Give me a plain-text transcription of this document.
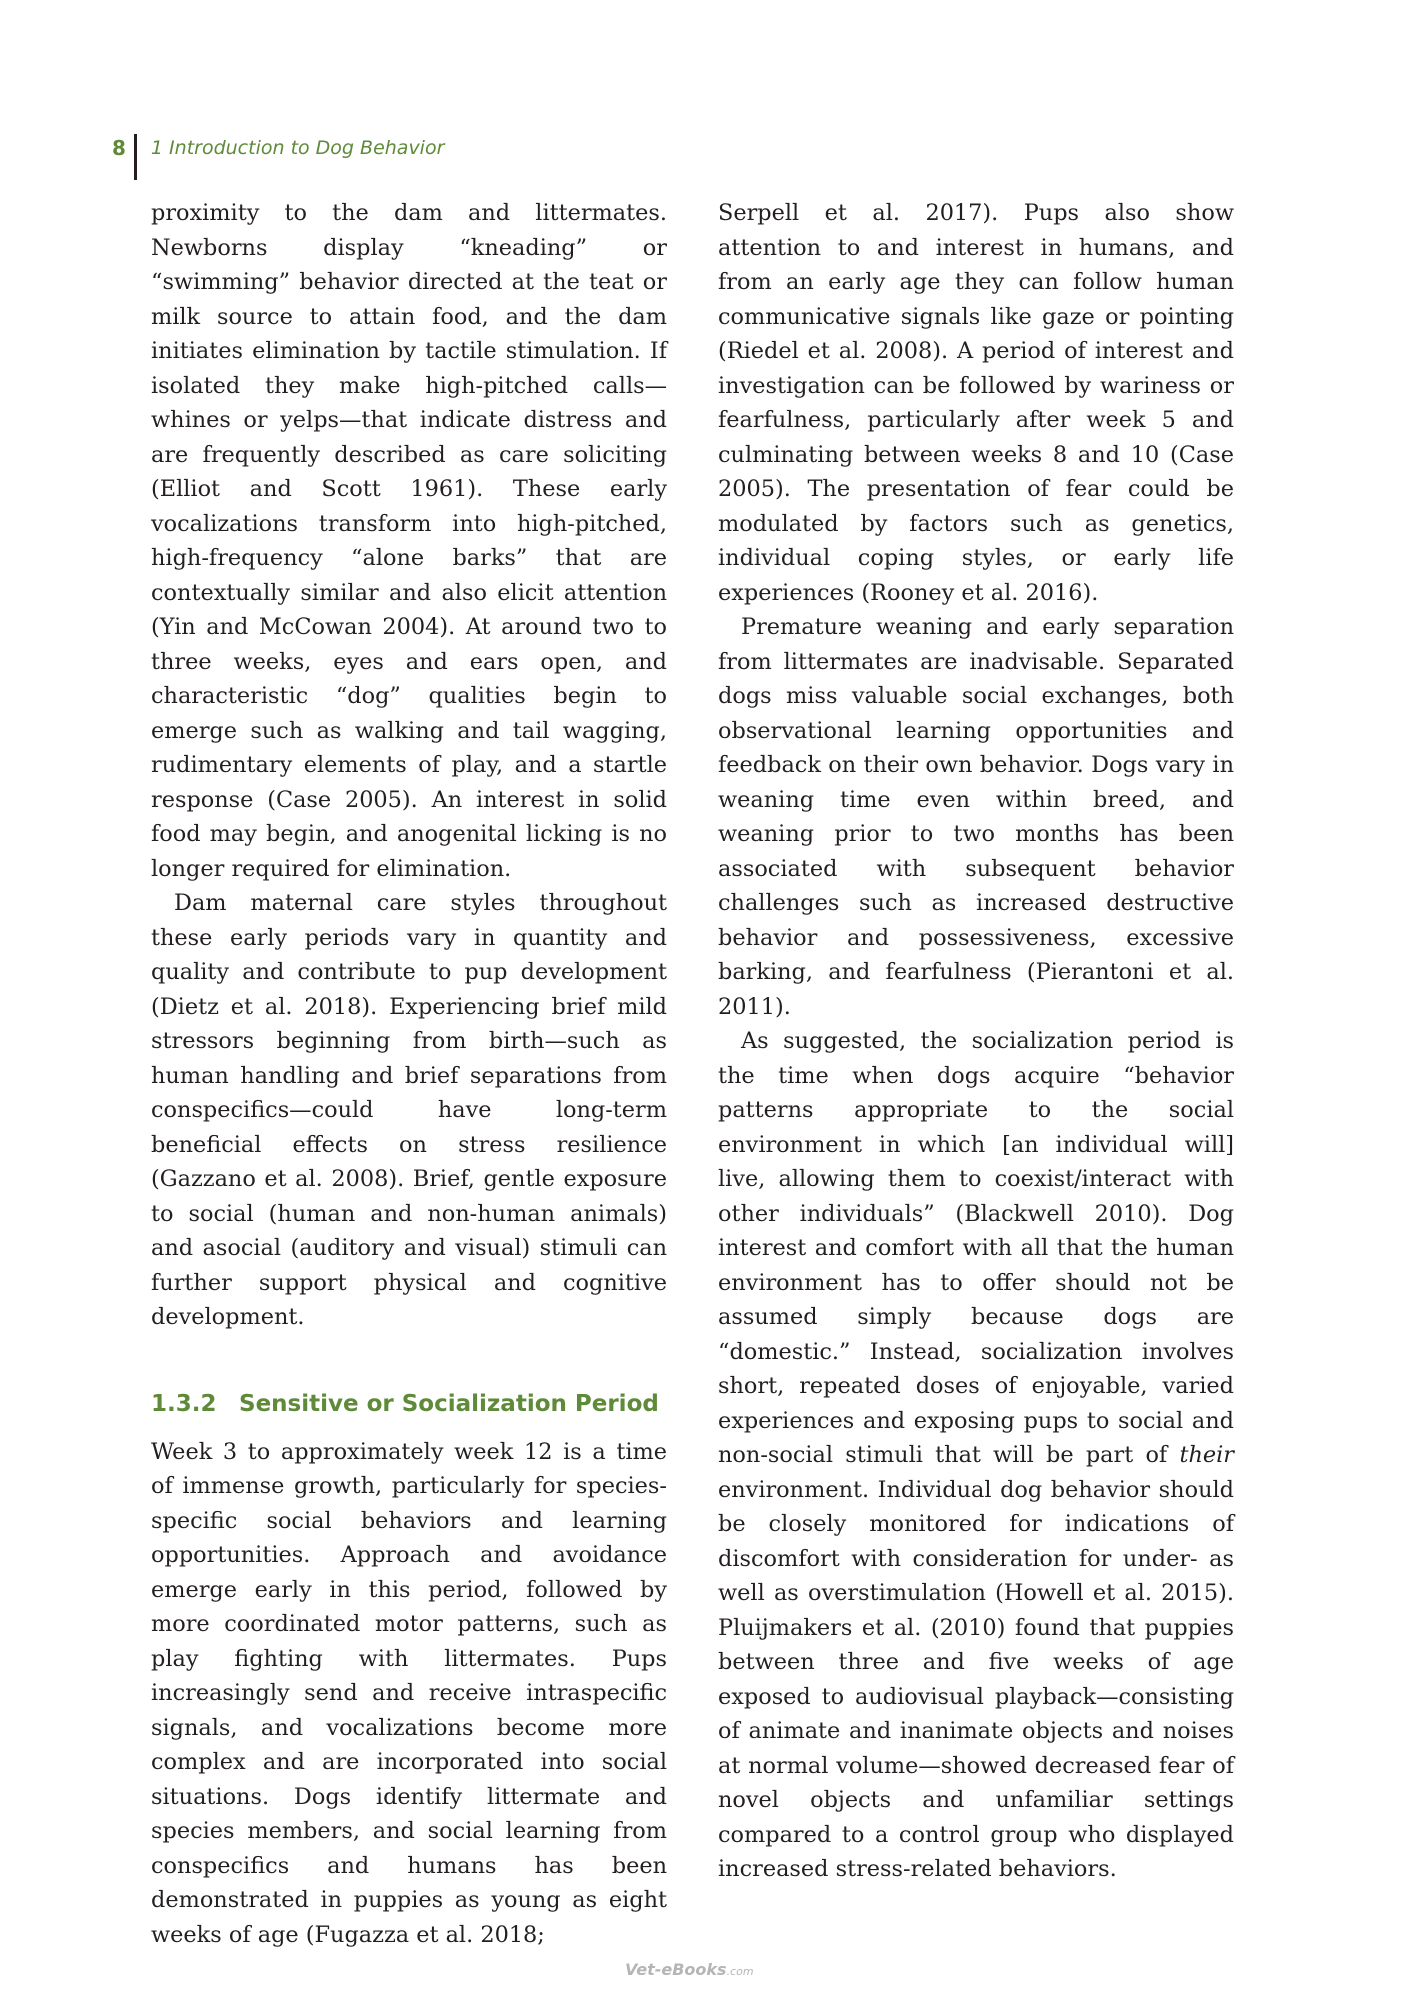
8	1 Introduction to Dog Behavior

proximity to the dam and littermates. Newborns display “kneading” or “swimming” behavior directed at the teat or milk source to attain food, and the dam initiates elimination by tactile stimulation. If isolated they make high-pitched calls—whines or yelps—that indicate distress and are frequently described as care soliciting (Elliot and Scott 1961). These early vocalizations transform into high-pitched, high-frequency “alone barks” that are contextually similar and also elicit attention (Yin and McCowan 2004). At around two to three weeks, eyes and ears open, and characteristic “dog” qualities begin to emerge such as walking and tail wagging, rudimentary elements of play, and a startle response (Case 2005). An interest in solid food may begin, and anogenital licking is no longer required for elimination.

Dam maternal care styles throughout these early periods vary in quantity and quality and contribute to pup development (Dietz et al. 2018). Experiencing brief mild stressors beginning from birth—such as human handling and brief separations from conspecifics—could have long-term beneficial effects on stress resilience (Gazzano et al. 2008). Brief, gentle exposure to social (human and non-human animals) and asocial (auditory and visual) stimuli can further support physical and cognitive development.

1.3.2 Sensitive or Socialization Period

Week 3 to approximately week 12 is a time of immense growth, particularly for species-specific social behaviors and learning opportunities. Approach and avoidance emerge early in this period, followed by more coordinated motor patterns, such as play fighting with littermates. Pups increasingly send and receive intraspecific signals, and vocalizations become more complex and are incorporated into social situations. Dogs identify littermate and species members, and social learning from conspecifics and humans has been demonstrated in puppies as young as eight weeks of age (Fugazza et al. 2018;

Serpell et al. 2017). Pups also show attention to and interest in humans, and from an early age they can follow human communicative signals like gaze or pointing (Riedel et al. 2008). A period of interest and investigation can be followed by wariness or fearfulness, particularly after week 5 and culminating between weeks 8 and 10 (Case 2005). The presentation of fear could be modulated by factors such as genetics, individual coping styles, or early life experiences (Rooney et al. 2016).

Premature weaning and early separation from littermates are inadvisable. Separated dogs miss valuable social exchanges, both observational learning opportunities and feedback on their own behavior. Dogs vary in weaning time even within breed, and weaning prior to two months has been associated with subsequent behavior challenges such as increased destructive behavior and possessiveness, excessive barking, and fearfulness (Pierantoni et al. 2011).

As suggested, the socialization period is the time when dogs acquire “behavior patterns appropriate to the social environment in which [an individual will] live, allowing them to coexist/interact with other individuals” (Blackwell 2010). Dog interest and comfort with all that the human environment has to offer should not be assumed simply because dogs are “domestic.” Instead, socialization involves short, repeated doses of enjoyable, varied experiences and exposing pups to social and non-social stimuli that will be part of their environment. Individual dog behavior should be closely monitored for indications of discomfort with consideration for under- as well as overstimulation (Howell et al. 2015). Pluijmakers et al. (2010) found that puppies between three and five weeks of age exposed to audiovisual playback—consisting of animate and inanimate objects and noises at normal volume—showed decreased fear of novel objects and unfamiliar settings compared to a control group who displayed increased stress-related behaviors.

Vet-eBooks.com
